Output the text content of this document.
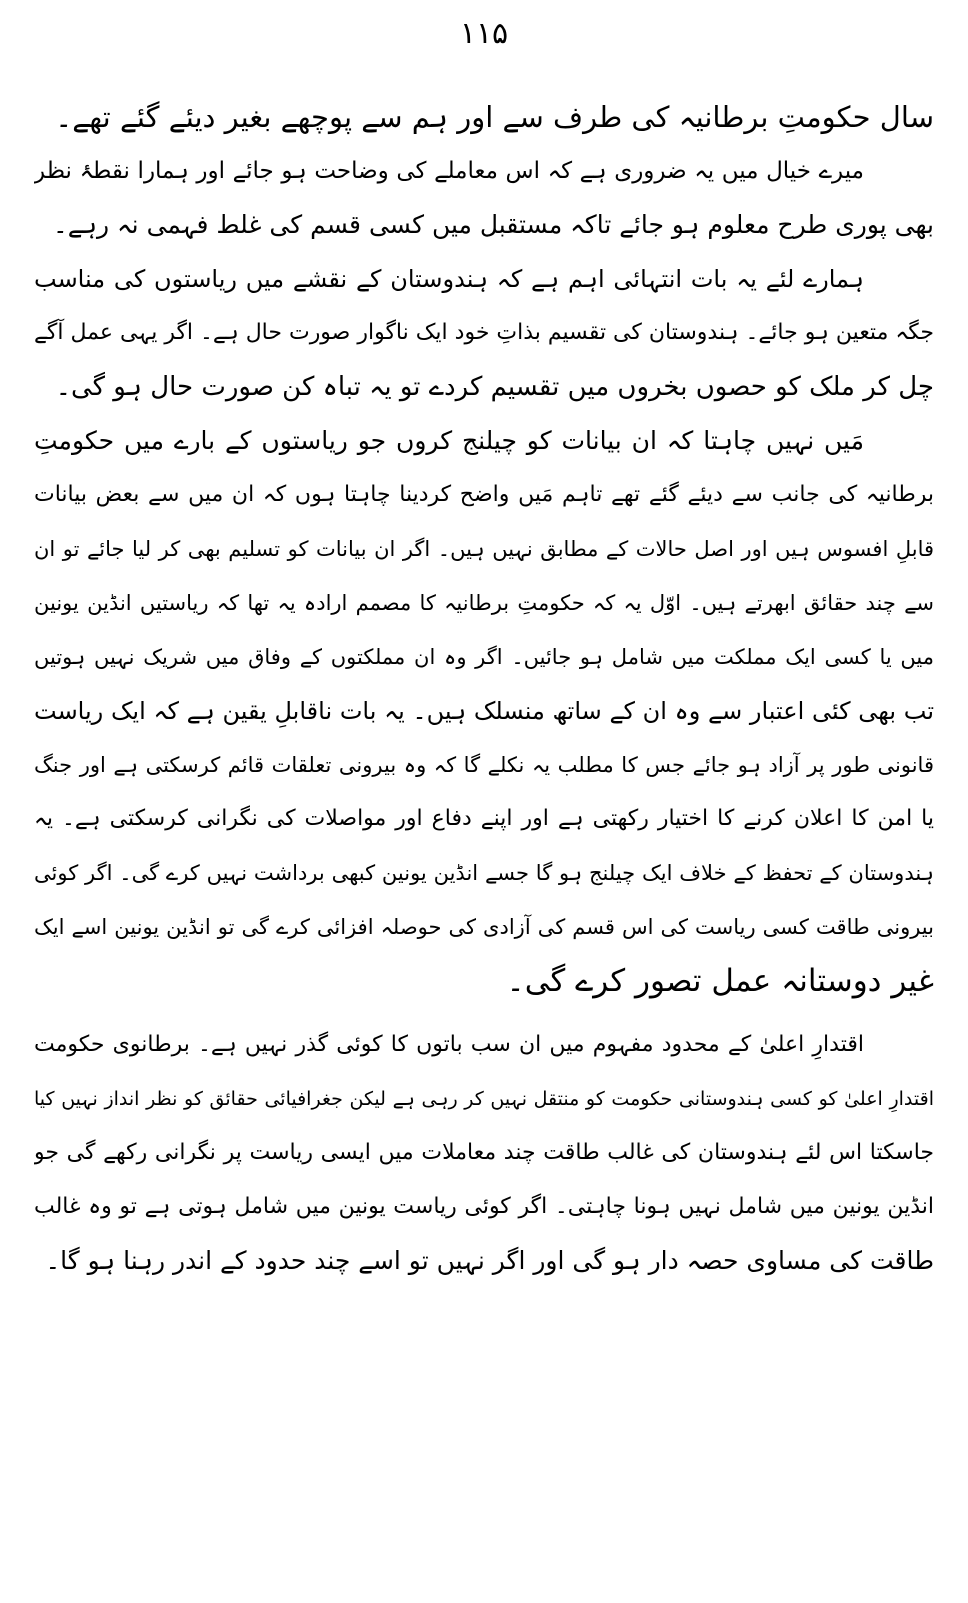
۱۱۵
سال حکومتِ برطانیہ کی طرف سے اور ہم سے پوچھے بغیر دیئے گئے تھے۔
میرے خیال میں یہ ضروری ہے کہ اس معاملے کی وضاحت ہو جائے اور ہمارا نقطۂ نظر
بھی پوری طرح معلوم ہو جائے تاکہ مستقبل میں کسی قسم کی غلط فہمی نہ رہے۔
ہمارے لئے یہ بات انتہائی اہم ہے کہ ہندوستان کے نقشے میں ریاستوں کی مناسب
جگہ متعین ہو جائے۔ ہندوستان کی تقسیم بذاتِ خود ایک ناگوار صورت حال ہے۔ اگر یہی عمل آگے
چل کر ملک کو حصوں بخروں میں تقسیم کردے تو یہ تباہ کن صورت حال ہو گی۔
مَیں نہیں چاہتا کہ ان بیانات کو چیلنج کروں جو ریاستوں کے بارے میں حکومتِ
برطانیہ کی جانب سے دیئے گئے تھے تاہم مَیں واضح کردینا چاہتا ہوں کہ ان میں سے بعض بیانات
قابلِ افسوس ہیں اور اصل حالات کے مطابق نہیں ہیں۔ اگر ان بیانات کو تسلیم بھی کر لیا جائے تو ان
سے چند حقائق ابھرتے ہیں۔ اوّل یہ کہ حکومتِ برطانیہ کا مصمم ارادہ یہ تھا کہ ریاستیں انڈین یونین
میں یا کسی ایک مملکت میں شامل ہو جائیں۔ اگر وہ ان مملکتوں کے وفاق میں شریک نہیں ہوتیں
تب بھی کئی اعتبار سے وہ ان کے ساتھ منسلک ہیں۔ یہ بات ناقابلِ یقین ہے کہ ایک ریاست
قانونی طور پر آزاد ہو جائے جس کا مطلب یہ نکلے گا کہ وہ بیرونی تعلقات قائم کرسکتی ہے اور جنگ
یا امن کا اعلان کرنے کا اختیار رکھتی ہے اور اپنے دفاع اور مواصلات کی نگرانی کرسکتی ہے۔ یہ
ہندوستان کے تحفظ کے خلاف ایک چیلنج ہو گا جسے انڈین یونین کبھی برداشت نہیں کرے گی۔ اگر کوئی
بیرونی طاقت کسی ریاست کی اس قسم کی آزادی کی حوصلہ افزائی کرے گی تو انڈین یونین اسے ایک
غیر دوستانہ عمل تصور کرے گی۔
اقتدارِ اعلیٰ کے محدود مفہوم میں ان سب باتوں کا کوئی گذر نہیں ہے۔ برطانوی حکومت
اقتدارِ اعلیٰ کو کسی ہندوستانی حکومت کو منتقل نہیں کر رہی ہے لیکن جغرافیائی حقائق کو نظر انداز نہیں کیا
جاسکتا اس لئے ہندوستان کی غالب طاقت چند معاملات میں ایسی ریاست پر نگرانی رکھے گی جو
انڈین یونین میں شامل نہیں ہونا چاہتی۔ اگر کوئی ریاست یونین میں شامل ہوتی ہے تو وہ غالب
طاقت کی مساوی حصہ دار ہو گی اور اگر نہیں تو اسے چند حدود کے اندر رہنا ہو گا۔
